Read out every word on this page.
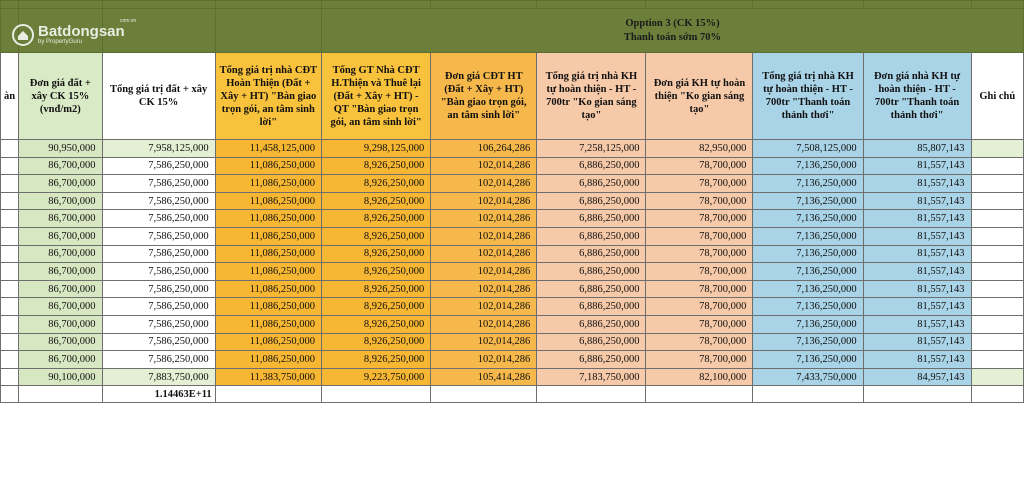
				Opption 3 (CK 15%)
Thanh toán sớm 70%						

àn	Đơn giá đất + xây CK 15% (vnđ/m2)	Tổng giá trị đất + xây CK 15%	Tổng giá trị nhà CĐT Hoàn Thiện (Đất + Xây + HT) "Bàn giao trọn gói, an tâm sinh lời"	Tổng GT Nhà CĐT H.Thiện và Thuê lại (Đất + Xây + HT) - QT "Bàn giao trọn gói, an tâm sinh lời"	Đơn giá CĐT HT (Đất + Xây + HT) "Bàn giao trọn gói, an tâm sinh lời"	Tổng giá trị nhà KH tự hoàn thiện - HT - 700tr "Ko gian sáng tạo"	Đơn giá KH tự hoàn thiện "Ko gian sáng tạo"	Tổng giá trị nhà KH tự hoàn thiện - HT - 700tr "Thanh toán thảnh thơi"	Đơn giá nhà KH tự hoàn thiện - HT - 700tr "Thanh toán thảnh thơi"	Ghi chú
	90,950,000	7,958,125,000	11,458,125,000	9,298,125,000	106,264,286	7,258,125,000	82,950,000	7,508,125,000	85,807,143	
	86,700,000	7,586,250,000	11,086,250,000	8,926,250,000	102,014,286	6,886,250,000	78,700,000	7,136,250,000	81,557,143	
	86,700,000	7,586,250,000	11,086,250,000	8,926,250,000	102,014,286	6,886,250,000	78,700,000	7,136,250,000	81,557,143	
	86,700,000	7,586,250,000	11,086,250,000	8,926,250,000	102,014,286	6,886,250,000	78,700,000	7,136,250,000	81,557,143	
	86,700,000	7,586,250,000	11,086,250,000	8,926,250,000	102,014,286	6,886,250,000	78,700,000	7,136,250,000	81,557,143	
	86,700,000	7,586,250,000	11,086,250,000	8,926,250,000	102,014,286	6,886,250,000	78,700,000	7,136,250,000	81,557,143	
	86,700,000	7,586,250,000	11,086,250,000	8,926,250,000	102,014,286	6,886,250,000	78,700,000	7,136,250,000	81,557,143	
	86,700,000	7,586,250,000	11,086,250,000	8,926,250,000	102,014,286	6,886,250,000	78,700,000	7,136,250,000	81,557,143	
	86,700,000	7,586,250,000	11,086,250,000	8,926,250,000	102,014,286	6,886,250,000	78,700,000	7,136,250,000	81,557,143	
	86,700,000	7,586,250,000	11,086,250,000	8,926,250,000	102,014,286	6,886,250,000	78,700,000	7,136,250,000	81,557,143	
	86,700,000	7,586,250,000	11,086,250,000	8,926,250,000	102,014,286	6,886,250,000	78,700,000	7,136,250,000	81,557,143	
	86,700,000	7,586,250,000	11,086,250,000	8,926,250,000	102,014,286	6,886,250,000	78,700,000	7,136,250,000	81,557,143	
	86,700,000	7,586,250,000	11,086,250,000	8,926,250,000	102,014,286	6,886,250,000	78,700,000	7,136,250,000	81,557,143	
	90,100,000	7,883,750,000	11,383,750,000	9,223,750,000	105,414,286	7,183,750,000	82,100,000	7,433,750,000	84,957,143	
		1.14463E+11								
Batdongsan
by PropertyGuru
com.vn
